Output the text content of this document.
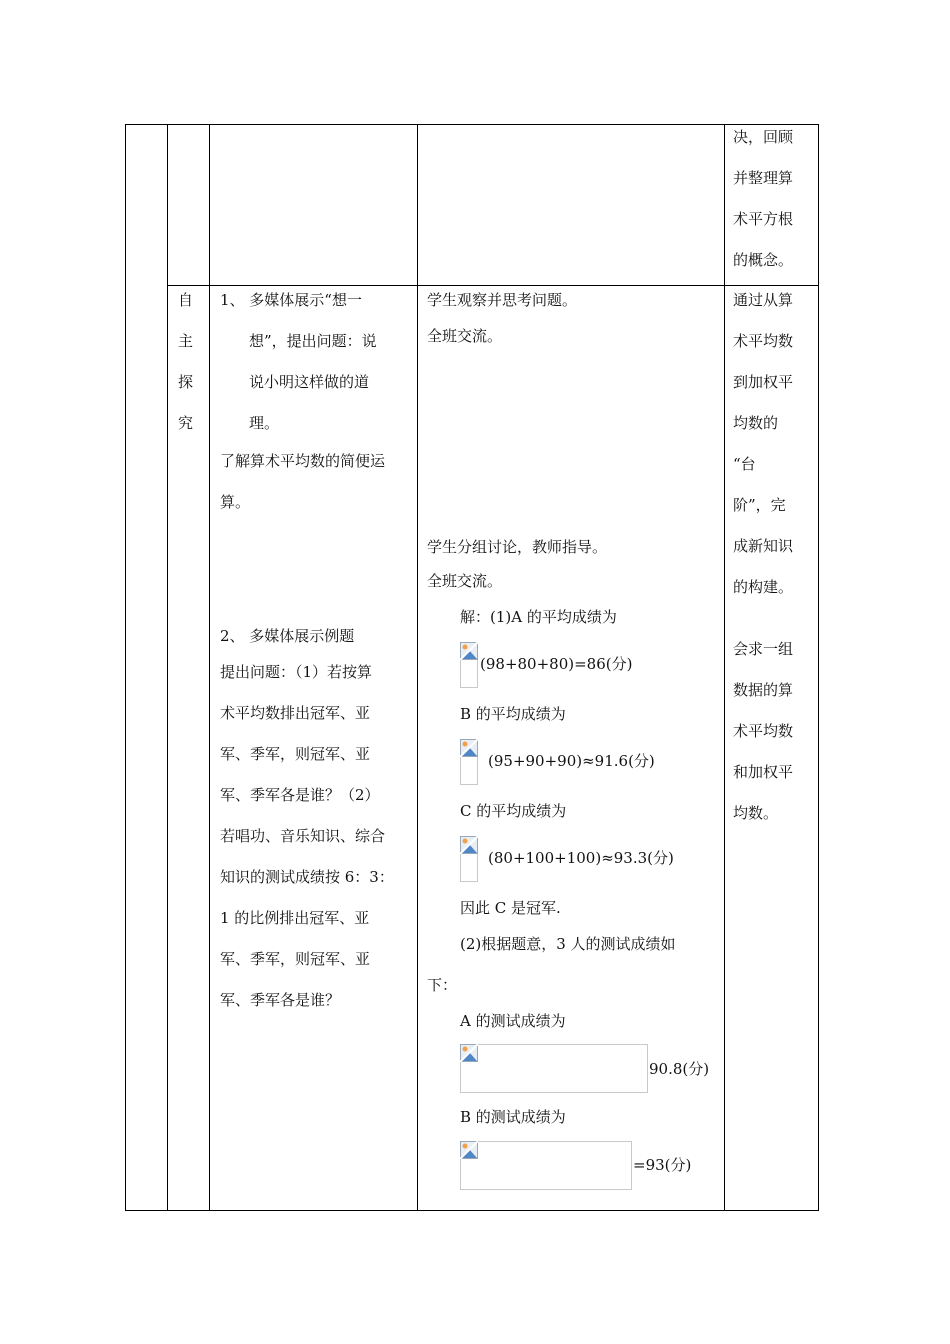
决，回顾
并整理算
术平方根
的概念。
自
主
探
究
1、 多媒体展示“想一
想”，提出问题：说
说小明这样做的道
理。
了解算术平均数的简便运
算。
2、 多媒体展示例题
提出问题：（1）若按算
术平均数排出冠军、亚
军、季军，则冠军、亚
军、季军各是谁？（2）
若唱功、音乐知识、综合
知识的测试成绩按 6：3：
1 的比例排出冠军、亚
军、季军，则冠军、亚
军、季军各是谁？
学生观察并思考问题。
全班交流。
学生分组讨论，教师指导。
全班交流。
解：(1)A 的平均成绩为
(98+80+80)=86(分)
B 的平均成绩为
(95+90+90)≈91.6(分)
C 的平均成绩为
(80+100+100)≈93.3(分)
因此 C 是冠军.
(2)根据题意，3 人的测试成绩如
下：
A 的测试成绩为
90.8(分)
B 的测试成绩为
=93(分)
通过从算
术平均数
到加权平
均数的
“台
阶”，完
成新知识
的构建。
会求一组
数据的算
术平均数
和加权平
均数。
